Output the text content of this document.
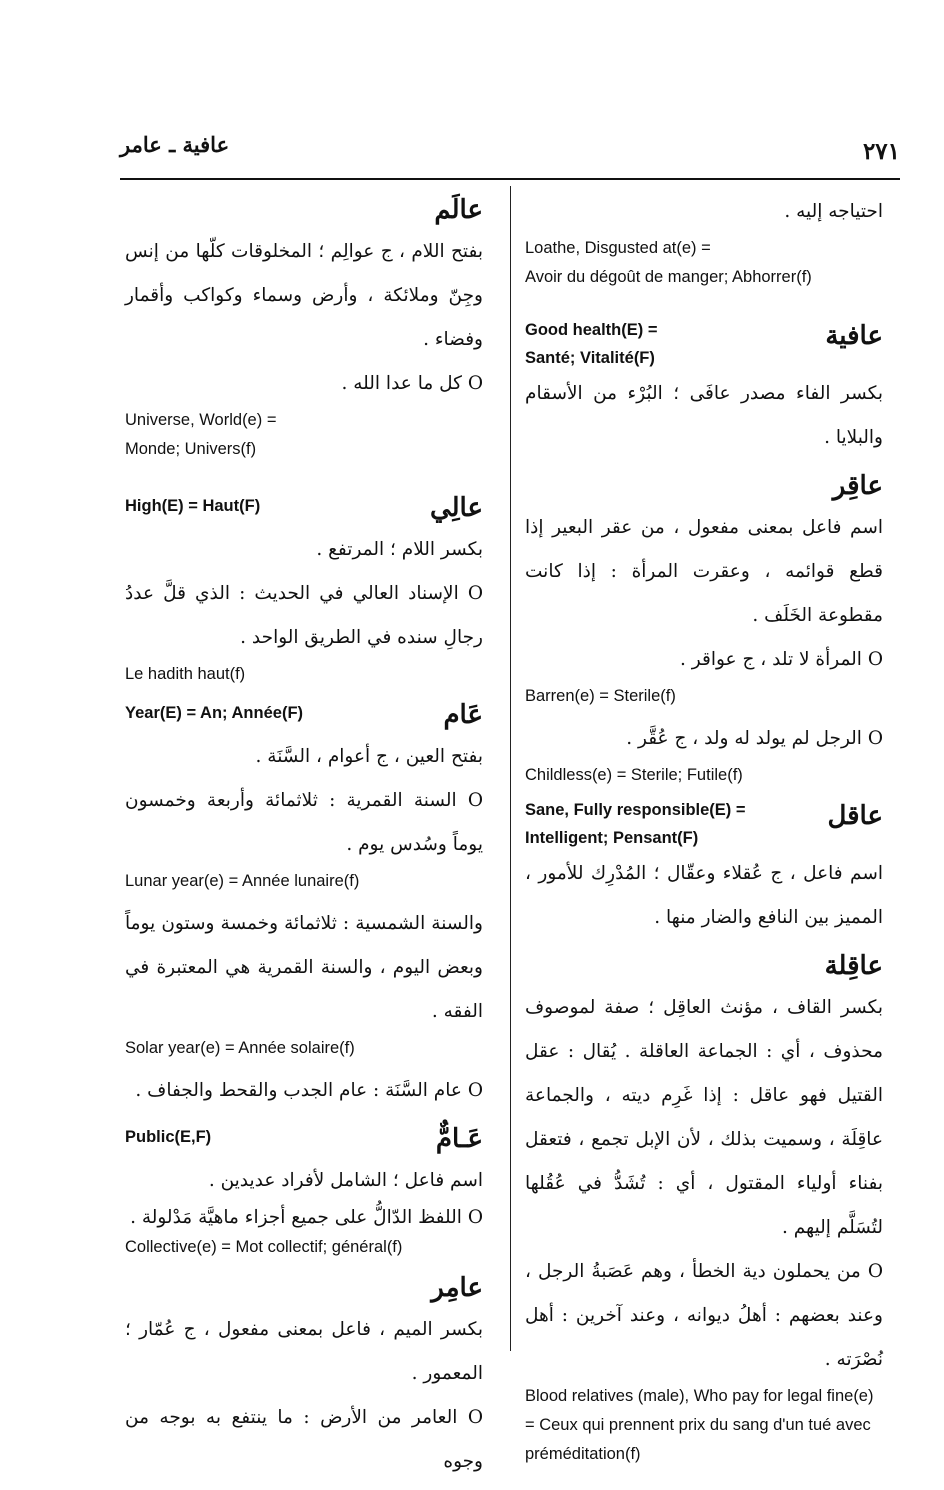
٢٧١
عافية ـ عامر

احتياجه إليه .

Loathe, Disgusted at(e) =

Avoir du dégoût de manger; Abhorrer(f)

Good health(E) =
Santé; Vitalité(F)
عافية

بكسر الفاء مصدر عافَى ؛ البُرْء من الأسقام والبلايا .

عاقِر

اسم فاعل بمعنى مفعول ، من عقر البعير إذا قطع قوائمه ، وعقرت المرأة : إذا كانت مقطوعة الخَلَف .

O المرأة لا تلد ، ج عواقر .

Barren(e) = Sterile(f)

O الرجل لم يولد له ولد ، ج عُقَّر .

Childless(e) = Sterile; Futile(f)

Sane, Fully responsible(E) =
Intelligent; Pensant(F)
عاقل

اسم فاعل ، ج عُقلاء وعقّال ؛ المُدْرِك للأمور ، المميز بين النافع والضار منها .

عاقِلة

بكسر القاف ، مؤنث العاقِل ؛ صفة لموصوف محذوف ، أي : الجماعة العاقلة . يُقال : عقل القتيل فهو عاقل : إذا غَرِم ديته ، والجماعة عاقِلَة ، وسميت بذلك ، لأن الإبل تجمع ، فتعقل بفناء أولياء المقتول ، أي : تُشَدُّ في عُقُلها لتُسَلَّم إليهم .

O من يحملون دية الخطأ ، وهم عَصَبةُ الرجل ، وعند بعضهم : أهلُ ديوانه ، وعند آخرين : أهل نُصْرَته .

Blood relatives (male), Who pay for legal fine(e) = Ceux qui prennent prix du sang d'un tué avec préméditation(f)

عالَم

بفتح اللام ، ج عوالِم ؛ المخلوقات كلّها من إنس وجِنّ وملائكة ، وأرض وسماء وكواكب وأقمار وفضاء .

O كل ما عدا الله .

Universe, World(e) =

Monde; Univers(f)

High(E) = Haut(F)	عالِي

بكسر اللام ؛ المرتفع .

O الإسناد العالي في الحديث : الذي قلَّ عددُ رجالِ سنده في الطريق الواحد .

Le hadith haut(f)

Year(E) = An; Année(F)	عَام

بفتح العين ، ج أعوام ، السَّنَة .

O السنة القمرية : ثلاثمائة وأربعة وخمسون يوماً وسُدس يوم .

Lunar year(e) = Année lunaire(f)

والسنة الشمسية : ثلاثمائة وخمسة وستون يوماً وبعض اليوم ، والسنة القمرية هي المعتبرة في الفقه .

Solar year(e) = Année solaire(f)

O عام السَّنَة : عام الجدب والقحط والجفاف .

Public(E,F)	عَـامٌّ

اسم فاعل ؛ الشامل لأفراد عديدين .

O اللفظ الدّالُّ على جميع أجزاء ماهيَّة مَدْلولة .

Collective(e) = Mot collectif; général(f)

عامِر

بكسر الميم ، فاعل بمعنى مفعول ، ج عُمّار ؛ المعمور .

O العامر من الأرض : ما ينتفع به بوجه من وجوه
